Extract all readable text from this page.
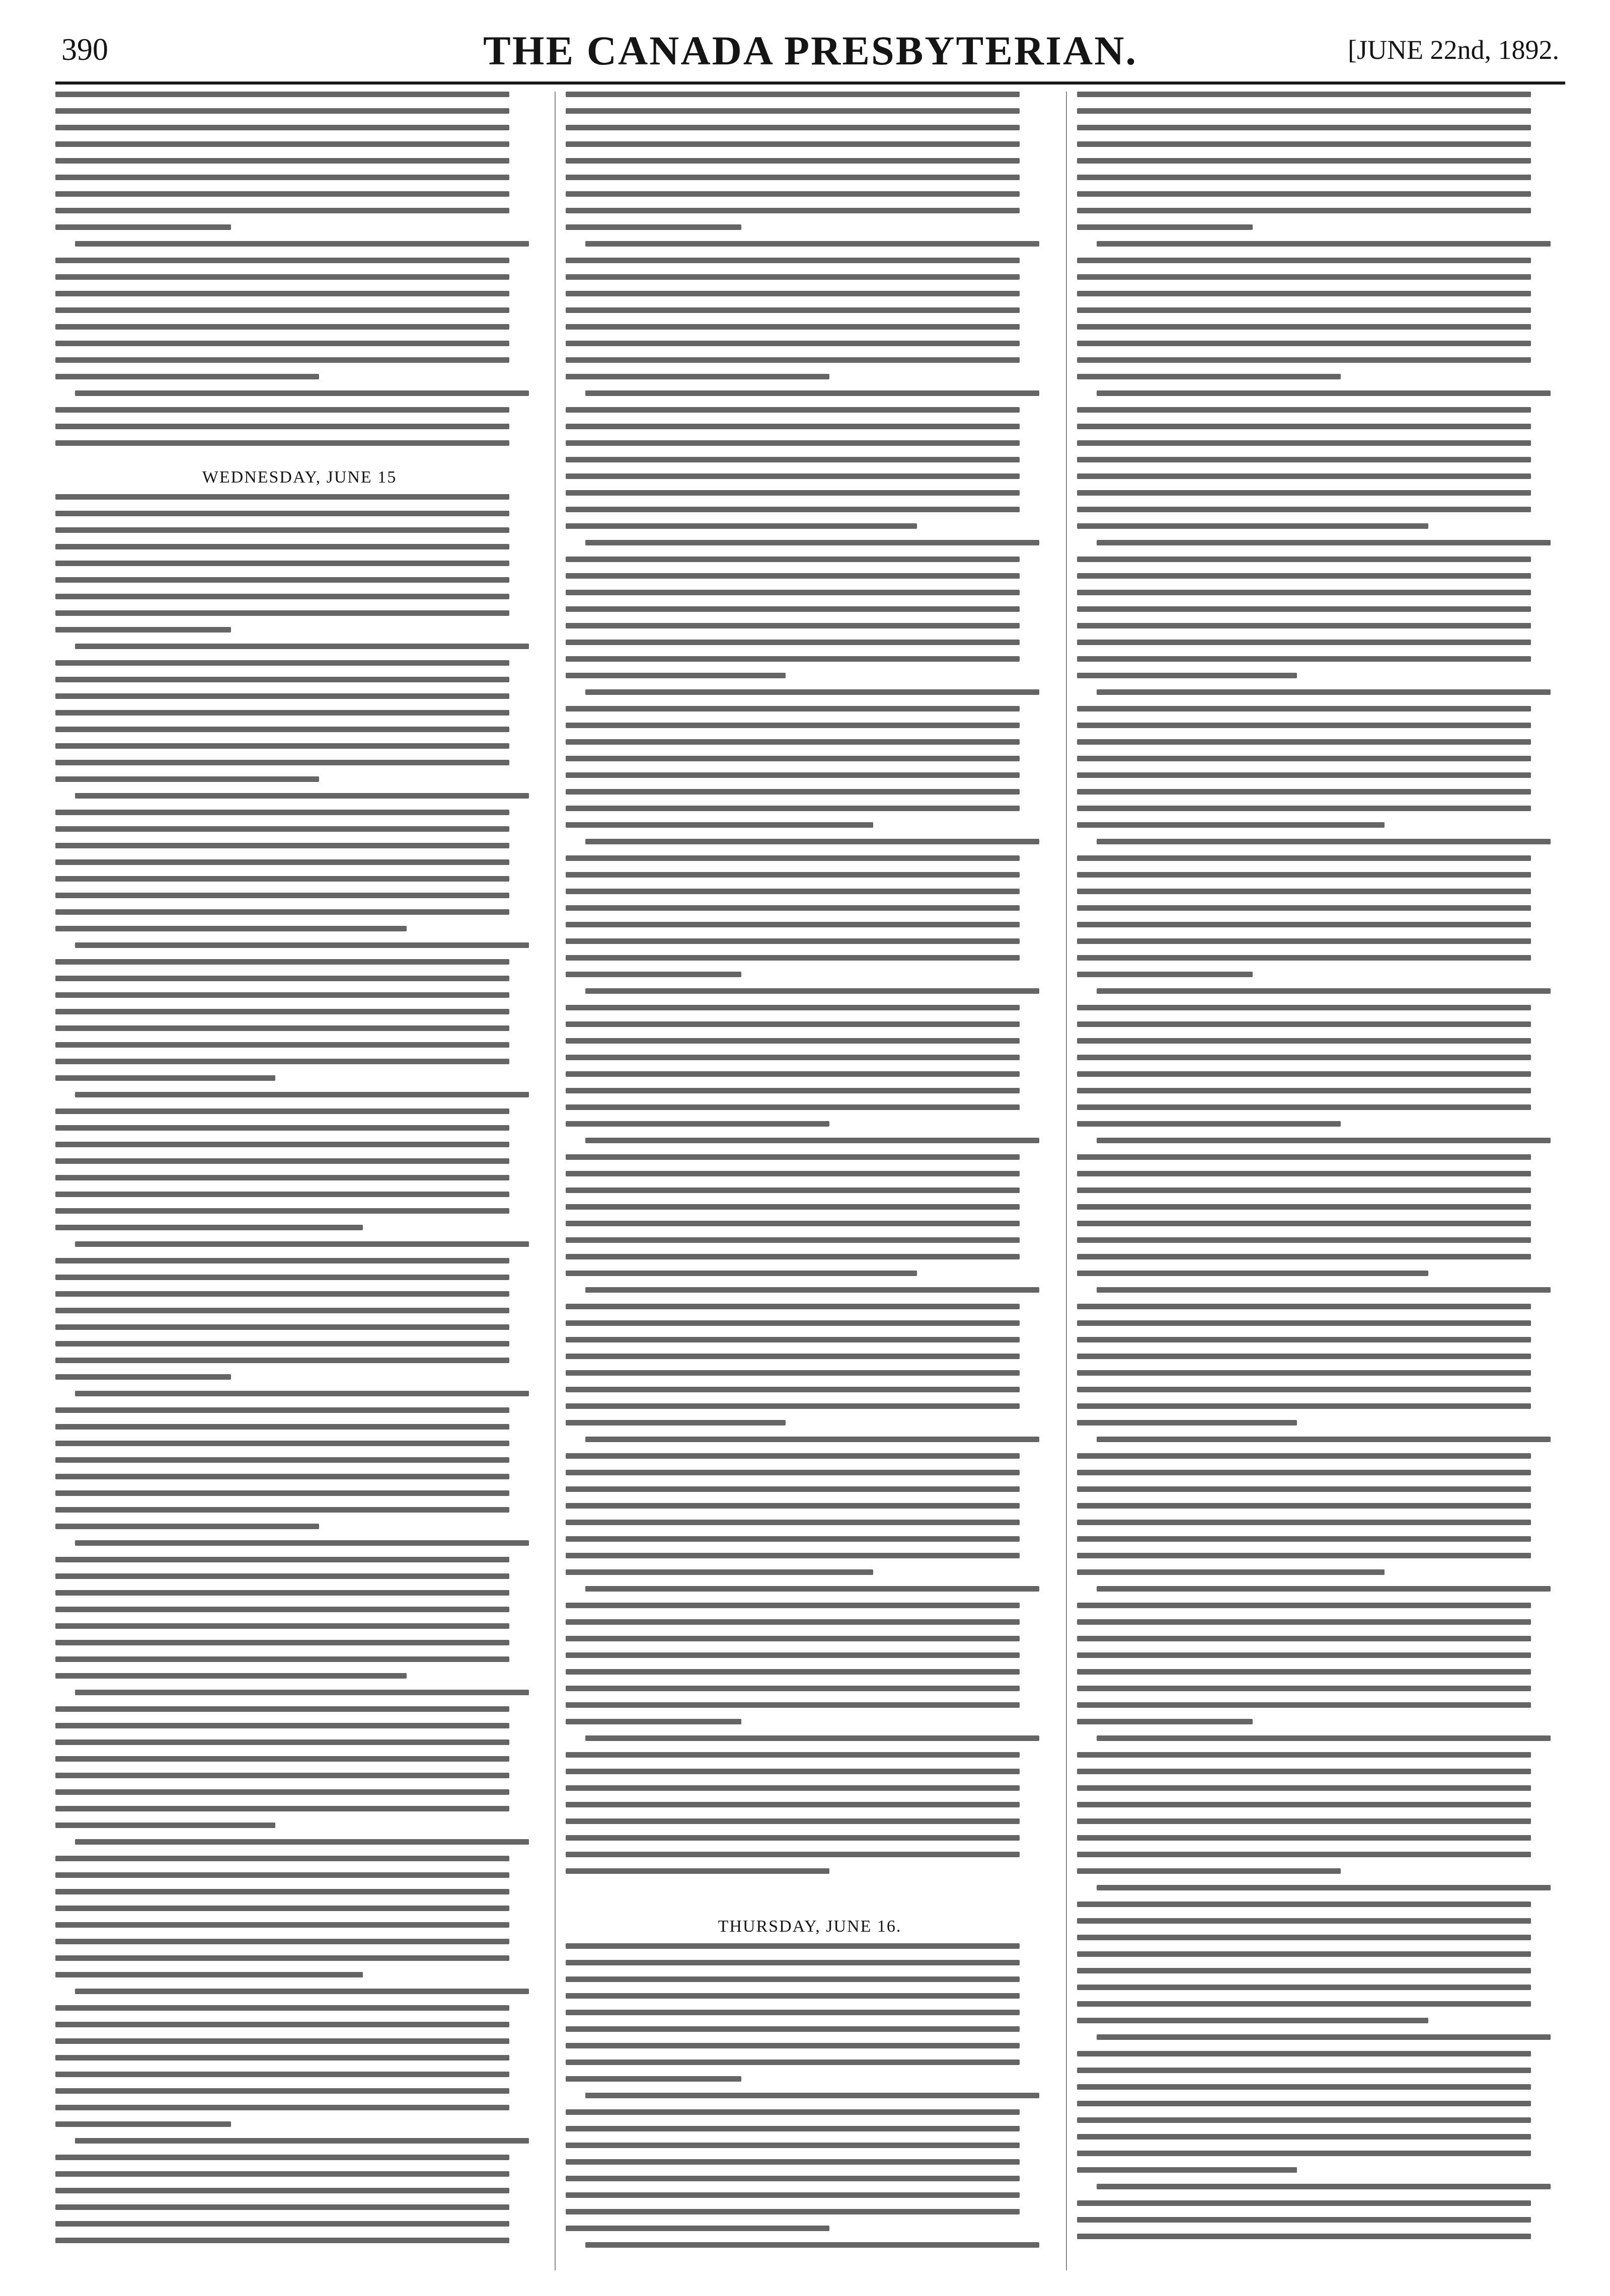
390	THE CANADA PRESBYTERIAN.	[JUNE 22nd, 1892.
WEDNESDAY, JUNE 15
THURSDAY, JUNE 16.
